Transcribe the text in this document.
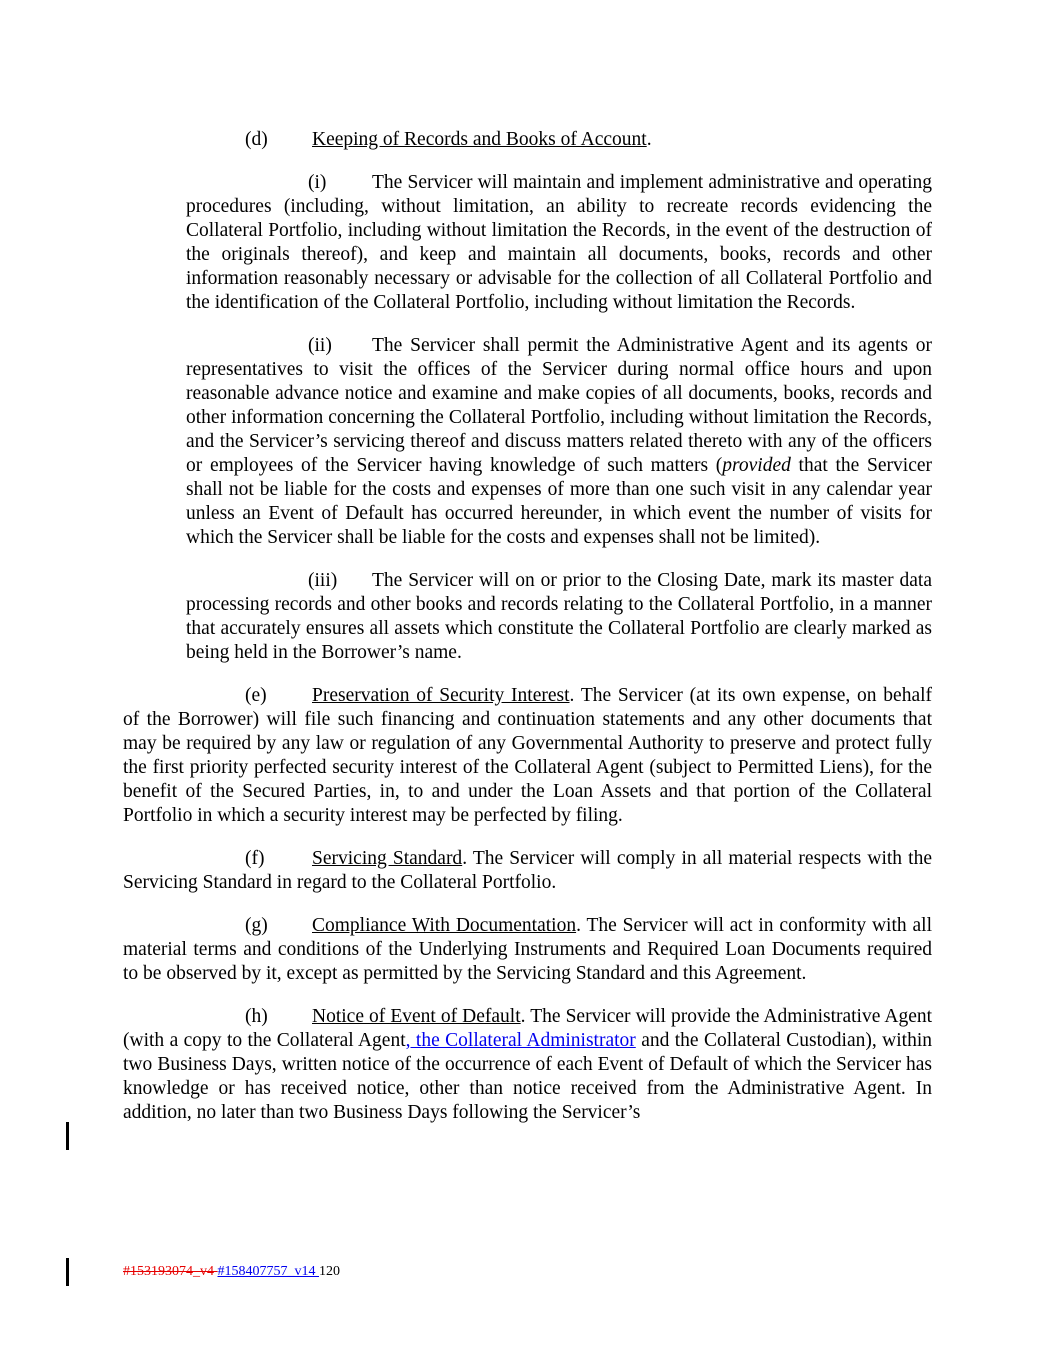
(d) Keeping of Records and Books of Account.

(i) The Servicer will maintain and implement administrative and operating procedures (including, without limitation, an ability to recreate records evidencing the Collateral Portfolio, including without limitation the Records, in the event of the destruction of the originals thereof), and keep and maintain all documents, books, records and other information reasonably necessary or advisable for the collection of all Collateral Portfolio and the identification of the Collateral Portfolio, including without limitation the Records.

(ii) The Servicer shall permit the Administrative Agent and its agents or representatives to visit the offices of the Servicer during normal office hours and upon reasonable advance notice and examine and make copies of all documents, books, records and other information concerning the Collateral Portfolio, including without limitation the Records, and the Servicer’s servicing thereof and discuss matters related thereto with any of the officers or employees of the Servicer having knowledge of such matters (provided that the Servicer shall not be liable for the costs and expenses of more than one such visit in any calendar year unless an Event of Default has occurred hereunder, in which event the number of visits for which the Servicer shall be liable for the costs and expenses shall not be limited).

(iii) The Servicer will on or prior to the Closing Date, mark its master data processing records and other books and records relating to the Collateral Portfolio, in a manner that accurately ensures all assets which constitute the Collateral Portfolio are clearly marked as being held in the Borrower’s name.

(e) Preservation of Security Interest. The Servicer (at its own expense, on behalf of the Borrower) will file such financing and continuation statements and any other documents that may be required by any law or regulation of any Governmental Authority to preserve and protect fully the first priority perfected security interest of the Collateral Agent (subject to Permitted Liens), for the benefit of the Secured Parties, in, to and under the Loan Assets and that portion of the Collateral Portfolio in which a security interest may be perfected by filing.

(f) Servicing Standard. The Servicer will comply in all material respects with the Servicing Standard in regard to the Collateral Portfolio.

(g) Compliance With Documentation. The Servicer will act in conformity with all material terms and conditions of the Underlying Instruments and Required Loan Documents required to be observed by it, except as permitted by the Servicing Standard and this Agreement.

(h) Notice of Event of Default. The Servicer will provide the Administrative Agent (with a copy to the Collateral Agent, the Collateral Administrator and the Collateral Custodian), within two Business Days, written notice of the occurrence of each Event of Default of which the Servicer has knowledge or has received notice, other than notice received from the Administrative Agent. In addition, no later than two Business Days following the Servicer’s

#153193074_v4 #158407757_v14 120
